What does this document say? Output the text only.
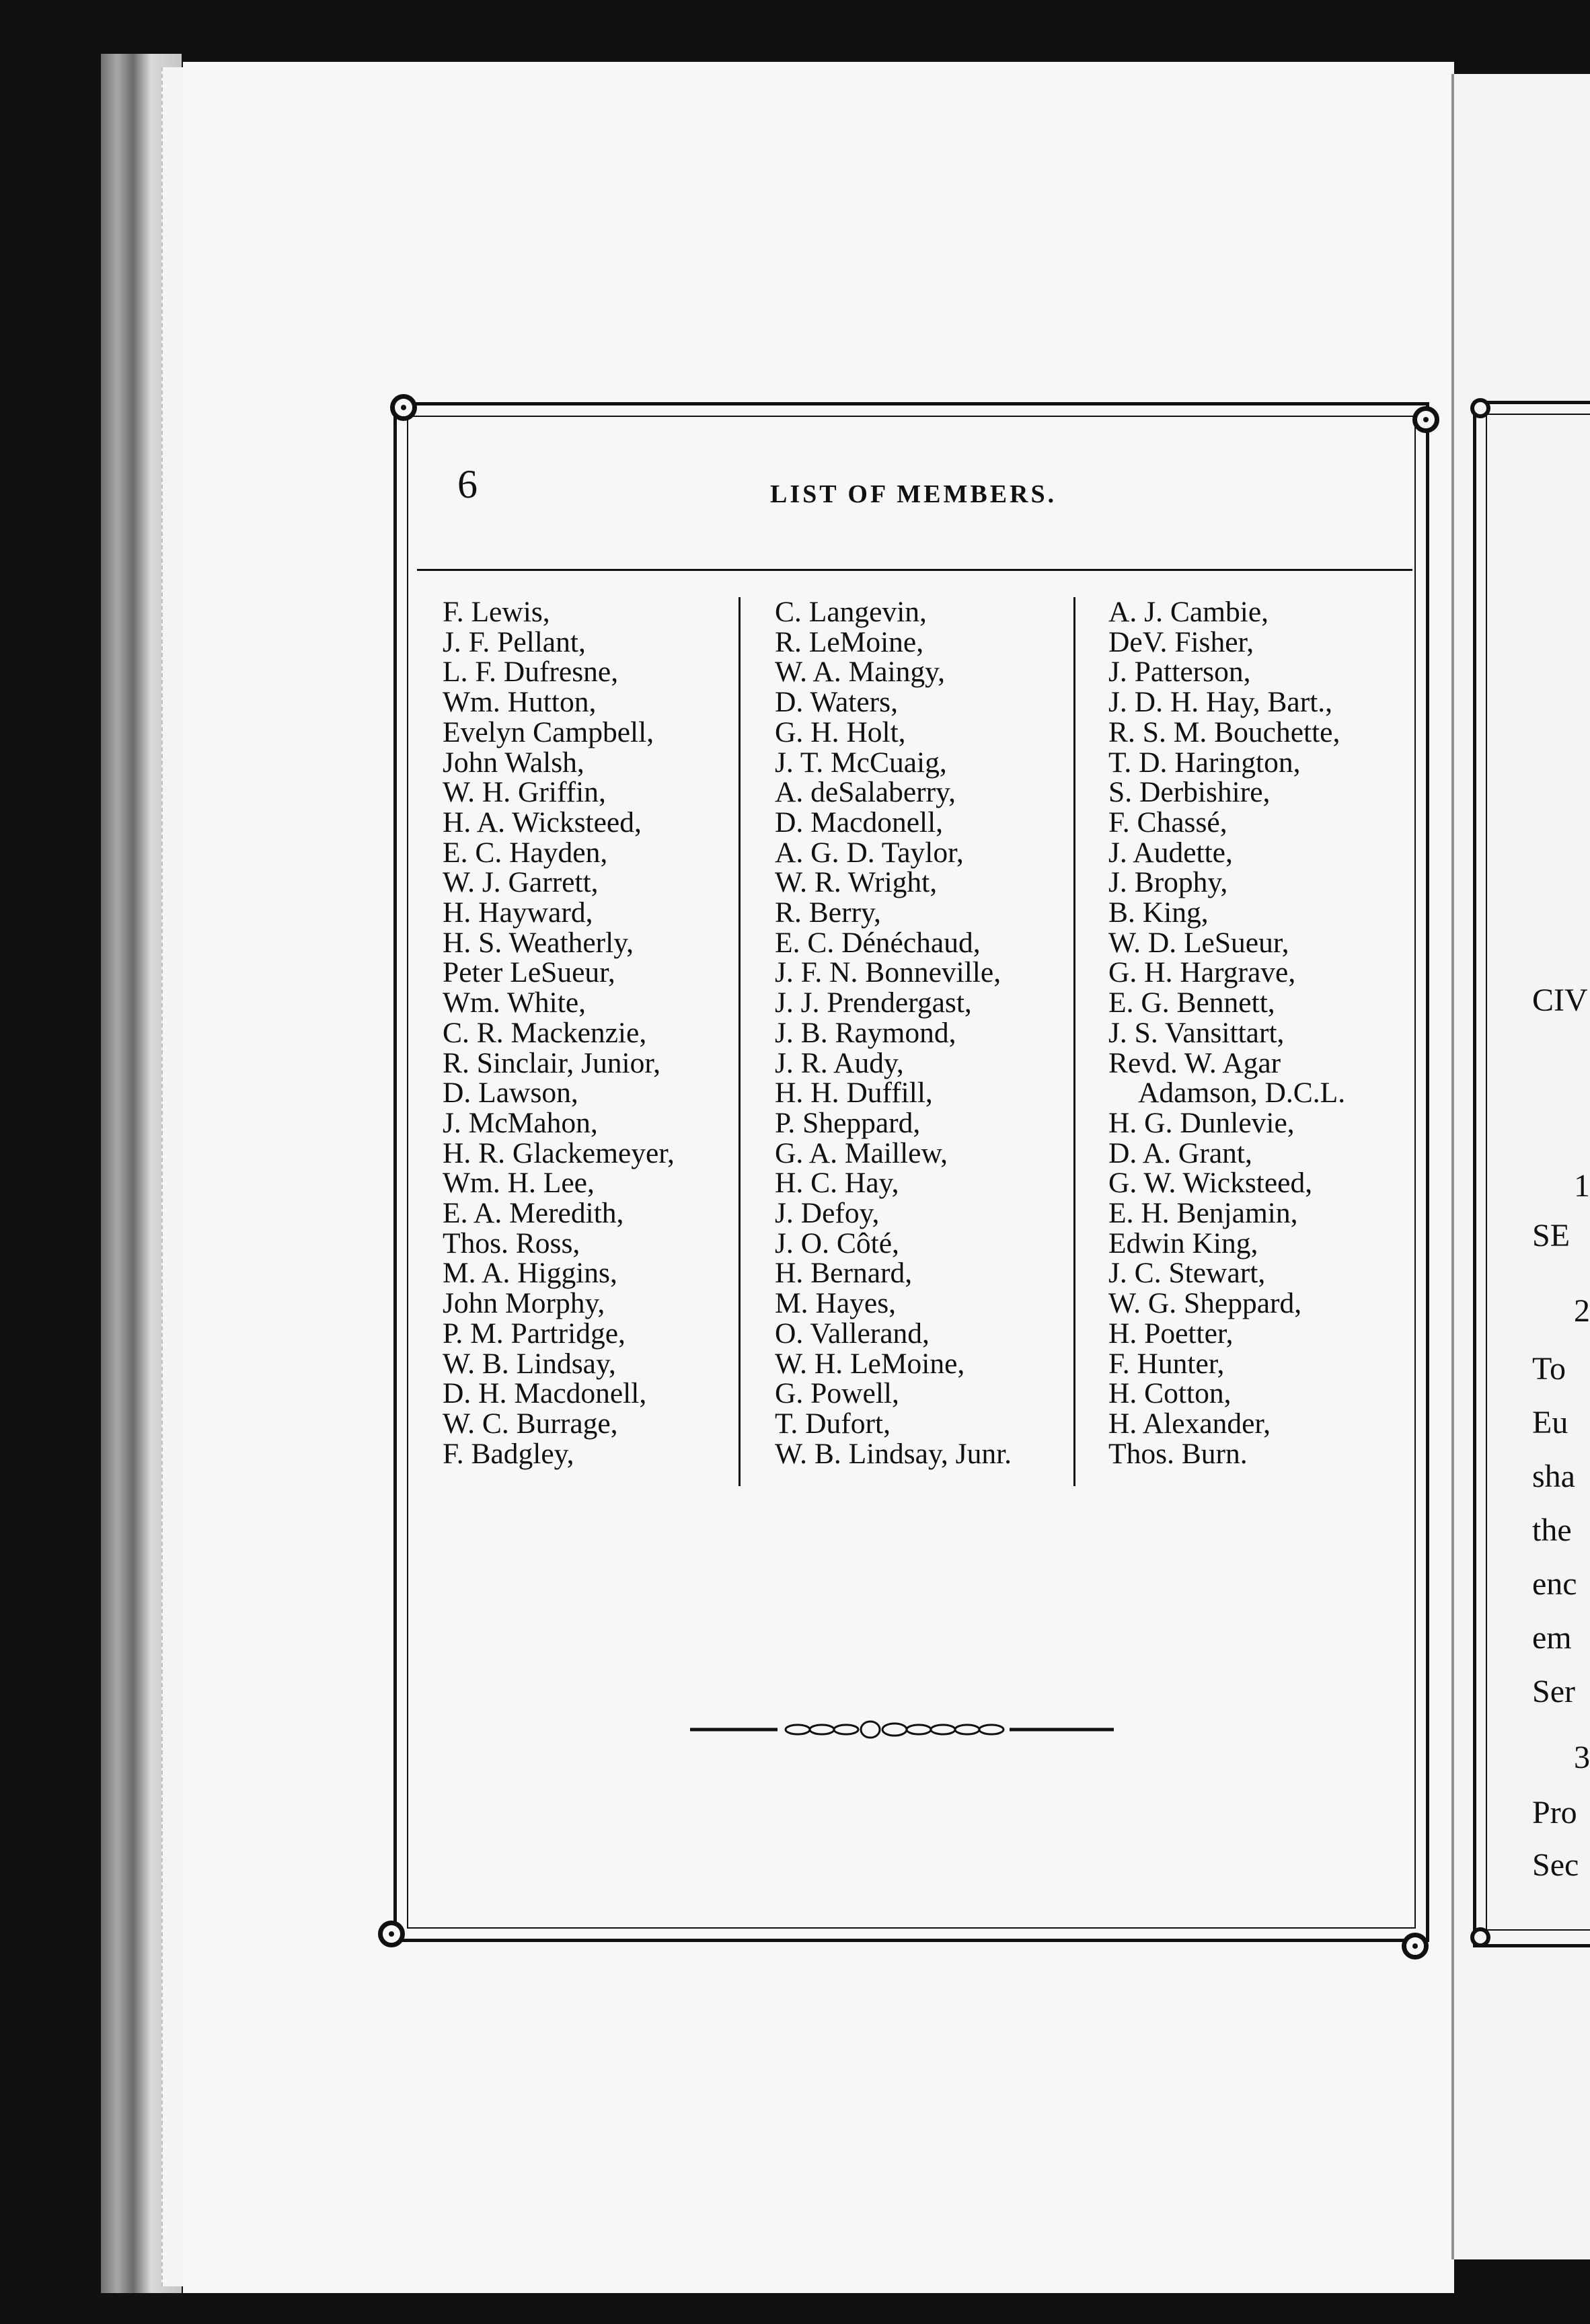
CIV
1
SE
2
To
Eu
sha
the
enc
em
Ser
3
Pro
Sec
6	LIST OF MEMBERS.
F. Lewis,
J. F. Pellant,
L. F. Dufresne,
Wm. Hutton,
Evelyn Campbell,
John Walsh,
W. H. Griffin,
H. A. Wicksteed,
E. C. Hayden,
W. J. Garrett,
H. Hayward,
H. S. Weatherly,
Peter LeSueur,
Wm. White,
C. R. Mackenzie,
R. Sinclair, Junior,
D. Lawson,
J. McMahon,
H. R. Glackemeyer,
Wm. H. Lee,
E. A. Meredith,
Thos. Ross,
M. A. Higgins,
John Morphy,
P. M. Partridge,
W. B. Lindsay,
D. H. Macdonell,
W. C. Burrage,
F. Badgley,
C. Langevin,
R. LeMoine,
W. A. Maingy,
D. Waters,
G. H. Holt,
J. T. McCuaig,
A. deSalaberry,
D. Macdonell,
A. G. D. Taylor,
W. R. Wright,
R. Berry,
E. C. Dénéchaud,
J. F. N. Bonneville,
J. J. Prendergast,
J. B. Raymond,
J. R. Audy,
H. H. Duffill,
P. Sheppard,
G. A. Maillew,
H. C. Hay,
J. Defoy,
J. O. Côté,
H. Bernard,
M. Hayes,
O. Vallerand,
W. H. LeMoine,
G. Powell,
T. Dufort,
W. B. Lindsay, Junr.
A. J. Cambie,
DeV. Fisher,
J. Patterson,
J. D. H. Hay, Bart.,
R. S. M. Bouchette,
T. D. Harington,
S. Derbishire,
F. Chassé,
J. Audette,
J. Brophy,
B. King,
W. D. LeSueur,
G. H. Hargrave,
E. G. Bennett,
J. S. Vansittart,
Revd. W. Agar
Adamson, D.C.L.
H. G. Dunlevie,
D. A. Grant,
G. W. Wicksteed,
E. H. Benjamin,
Edwin King,
J. C. Stewart,
W. G. Sheppard,
H. Poetter,
F. Hunter,
H. Cotton,
H. Alexander,
Thos. Burn.
